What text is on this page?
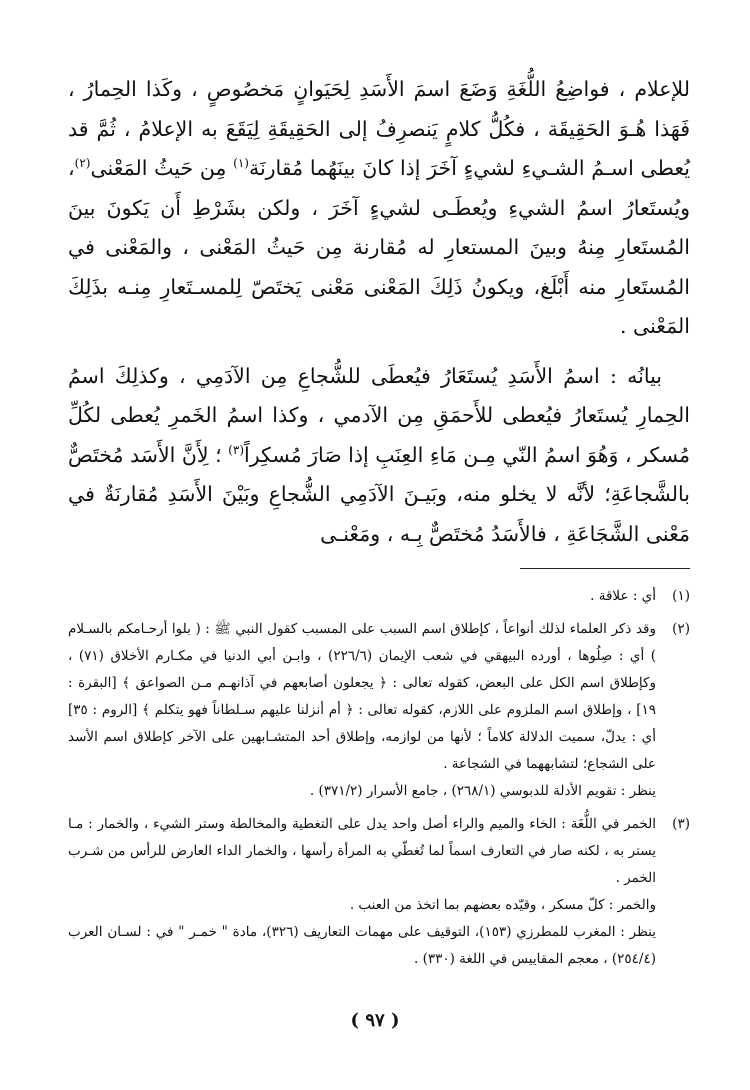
للإعلام ، فواضِعُ اللُّغَةِ وَضَعَ اسمَ الأَسَدِ لِحَيَوانٍ مَخصُوصٍ ، وكَذا الحِمارُ ، فَهَذا هُـوَ الحَقِيقَة ، فكُلُّ كلامٍ يَنصرِفُ إلى الحَقِيقَةِ لِيَقَعَ به الإعلامُ ، ثُمَّ قد يُعطى اسـمُ الشـيءِ لشيءٍ آخَرَ إذا كانَ بينَهُما مُقارنَة$^{(١)}$ مِن حَيثُ المَعْنى$^{(٢)}$، ويُستَعارُ اسمُ الشيءِ ويُعطَـى لشيءٍ آخَرَ ، ولكن بشَرْطِ أَن يَكونَ بينَ المُستَعارِ مِنهُ وبينَ المستعارِ له مُقارنة مِن حَيثُ المَعْنى ، والمَعْنى في المُستَعارِ منه أَبْلَغ، ويكونُ ذَلِكَ المَعْنى مَعْنى يَختَصّ لِلمسـتَعارِ مِنـه بذَلِكَ المَعْنى .

بيانُه : اسمُ الأَسَدِ يُستَعَارُ فيُعطَى للشُّجاعِ مِن الآدَمِي ، وكذلِكَ اسمُ الحِمارِ يُستَعارُ فيُعطى للأَحمَقِ مِن الآدمي ، وكذا اسمُ الخَمرِ يُعطى لكُلِّ مُسكر ، وَهُوَ اسمُ النّي مِـن مَاءِ العِنَبِ إذا صَارَ مُسكِراً$^{(٣)}$ ؛ لِأَنَّ الأَسَد مُختَصٌّ بالشَّجاعَةِ؛ لأنَّه لا يخلو منه، وبَيـنَ الآدَمِي الشُّجاعِ وبَيْنَ الأَسَدِ مُقارنَةٌ في مَعْنى الشَّجَاعَةِ ، فالأَسَدُ مُختَصٌّ بِـه ، ومَعْنـى

(١)

أي : علاقة .

(٢)

وقد ذكر العلماء لذلك أنواعاً ، كإطلاق اسم السبب على المسبب كقول النبي ﷺ : ( بلوا أرحـامكم بالسـلام ) أي : صِلُوها ، أورده البيهقي في شعب الإيمان (٢٢٦/٦) ، وابـن أبي الدنيا في مكـارم الأخلاق (٧١) ، وكإطلاق اسم الكل على البعض، كقوله تعالى : ﴿ يجعلون أصابعهم في آذانهـم مـن الصواعق ﴾ [البقرة : ١٩] ، وإطلاق اسم الملزوم على اللازم، كقوله تعالى : ﴿ أم أنزلنا عليهم سـلطاناً فهو يتكلم ﴾ [الروم : ٣٥] أي : يدلّ، سميت الدلالة كلاماً ؛ لأنها من لوازمه، وإطلاق أحد المتشـابهين على الآخر كإطلاق اسم الأسد على الشجاع؛ لتشابههما في الشجاعة .

ينظر : تقويم الأدلة للدبوسي (٢٦٨/١) ، جامع الأسرار (٣٧١/٢) .

(٣)

الخمر في اللُّغَة : الخاء والميم والراء أصل واحد يدل على التغطية والمخالطة وستر الشيء ، والخمار : مـا يستر به ، لكنه صار في التعارف اسماً لما تُغطّي به المرأة رأسها ، والخمار الداء العارض للرأس من شـرب الخمر .

والخمر : كلّ مسكر ، وقيّده بعضهم بما اتخذ من العنب .

ينظر : المغرب للمطرزي (١٥٣)، التوقيف على مهمات التعاريف (٣٢٦)، مادة " خمـر " في : لسـان العرب (٢٥٤/٤) ، معجم المقاييس في اللغة (٣٣٠) .

( ٩٧ )
